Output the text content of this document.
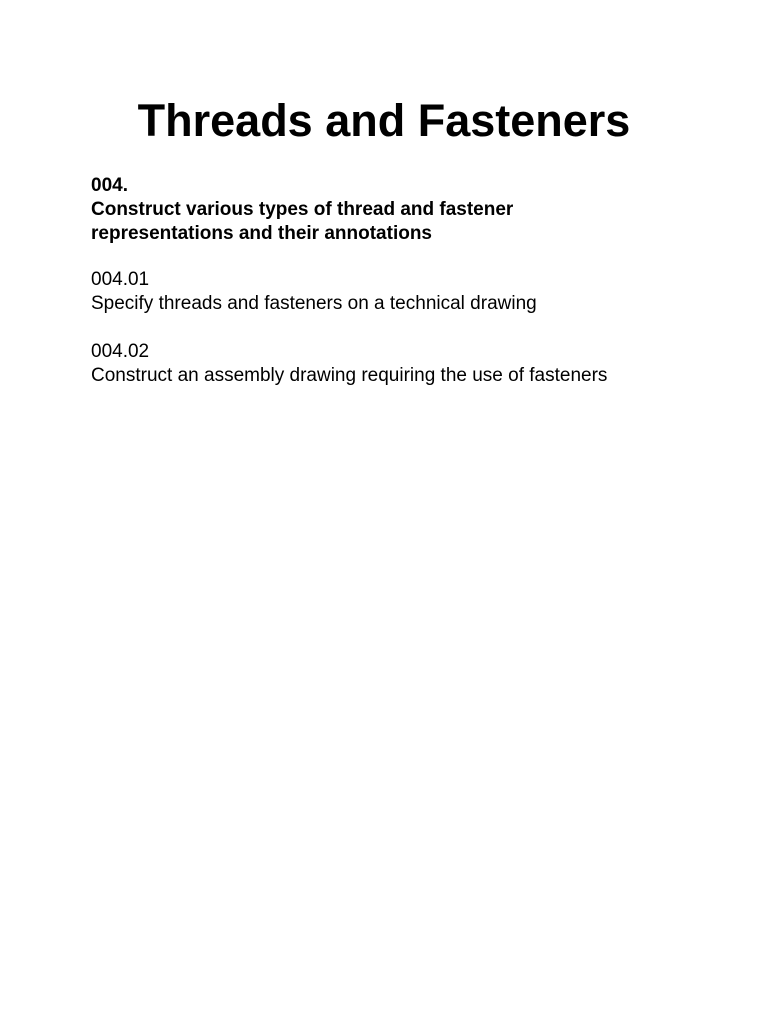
Threads and Fasteners
004.
Construct various types of thread and fastener
representations and their annotations
004.01
Specify threads and fasteners on a technical drawing
004.02
Construct an assembly drawing requiring the use of fasteners
